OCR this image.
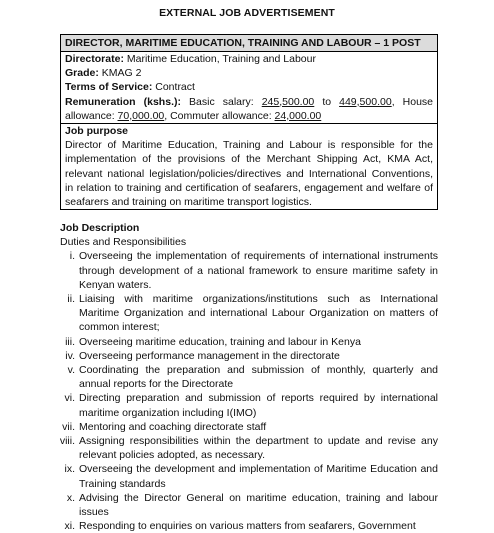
EXTERNAL JOB ADVERTISEMENT
DIRECTOR, MARITIME EDUCATION, TRAINING AND LABOUR – 1 POST
Directorate: Maritime Education, Training and Labour
Grade: KMAG 2
Terms of Service: Contract
Remuneration (kshs.): Basic salary: 245,500.00 to 449,500.00, House allowance: 70,000.00, Commuter allowance: 24,000.00
Job purpose
Director of Maritime Education, Training and Labour is responsible for the implementation of the provisions of the Merchant Shipping Act, KMA Act, relevant national legislation/policies/directives and International Conventions, in relation to training and certification of seafarers, engagement and welfare of seafarers and training on maritime transport logistics.
Job Description
Duties and Responsibilities
i. Overseeing the implementation of requirements of international instruments through development of a national framework to ensure maritime safety in Kenyan waters.
ii. Liaising with maritime organizations/institutions such as International Maritime Organization and international Labour Organization on matters of common interest;
iii. Overseeing maritime education, training and labour in Kenya
iv. Overseeing performance management in the directorate
v. Coordinating the preparation and submission of monthly, quarterly and annual reports for the Directorate
vi. Directing preparation and submission of reports required by international maritime organization including I(IMO)
vii. Mentoring and coaching directorate staff
viii. Assigning responsibilities within the department to update and revise any relevant policies adopted, as necessary.
ix. Overseeing the development and implementation of Maritime Education and Training standards
x. Advising the Director General on maritime education, training and labour issues
xi. Responding to enquiries on various matters from seafarers, Government
